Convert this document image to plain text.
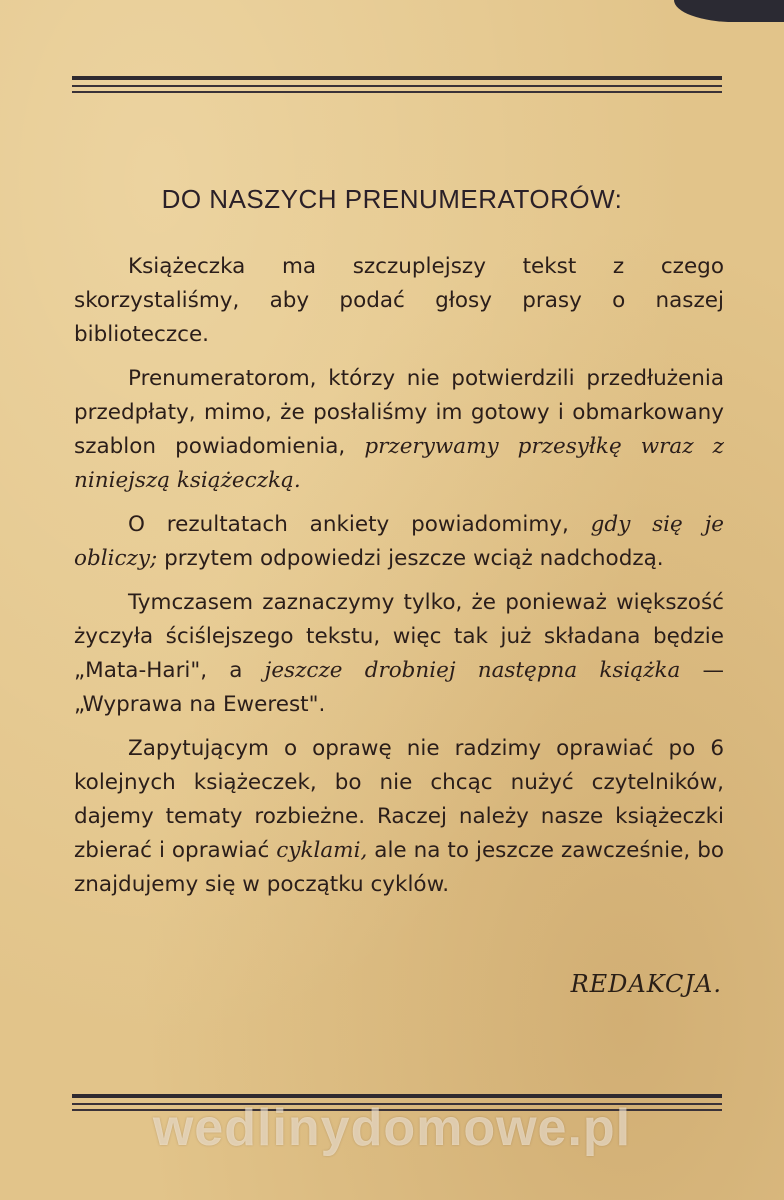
DO NASZYCH PRENUMERATORÓW:

Książeczka ma szczuplejszy tekst z czego skorzystaliśmy, aby podać głosy prasy o naszej biblioteczce.

Prenumeratorom, którzy nie potwierdzili przedłużenia przedpłaty, mimo, że posłaliśmy im gotowy i obmarkowany szablon powiadomienia, przerywamy przesyłkę wraz z niniejszą książeczką.

O rezultatach ankiety powiadomimy, gdy się je obliczy; przytem odpowiedzi jeszcze wciąż nadchodzą.

Tymczasem zaznaczymy tylko, że ponieważ większość życzyła ściślejszego tekstu, więc tak już składana będzie „Mata-Hari", a jeszcze drobniej następna książka — „Wyprawa na Ewerest".

Zapytującym o oprawę nie radzimy oprawiać po 6 kolejnych książeczek, bo nie chcąc nużyć czytelników, dajemy tematy rozbieżne. Raczej należy nasze książeczki zbierać i oprawiać cyklami, ale na to jeszcze zawcześnie, bo znajdujemy się w początku cyklów.

REDAKCJA.
wedlinydomowe.pl
